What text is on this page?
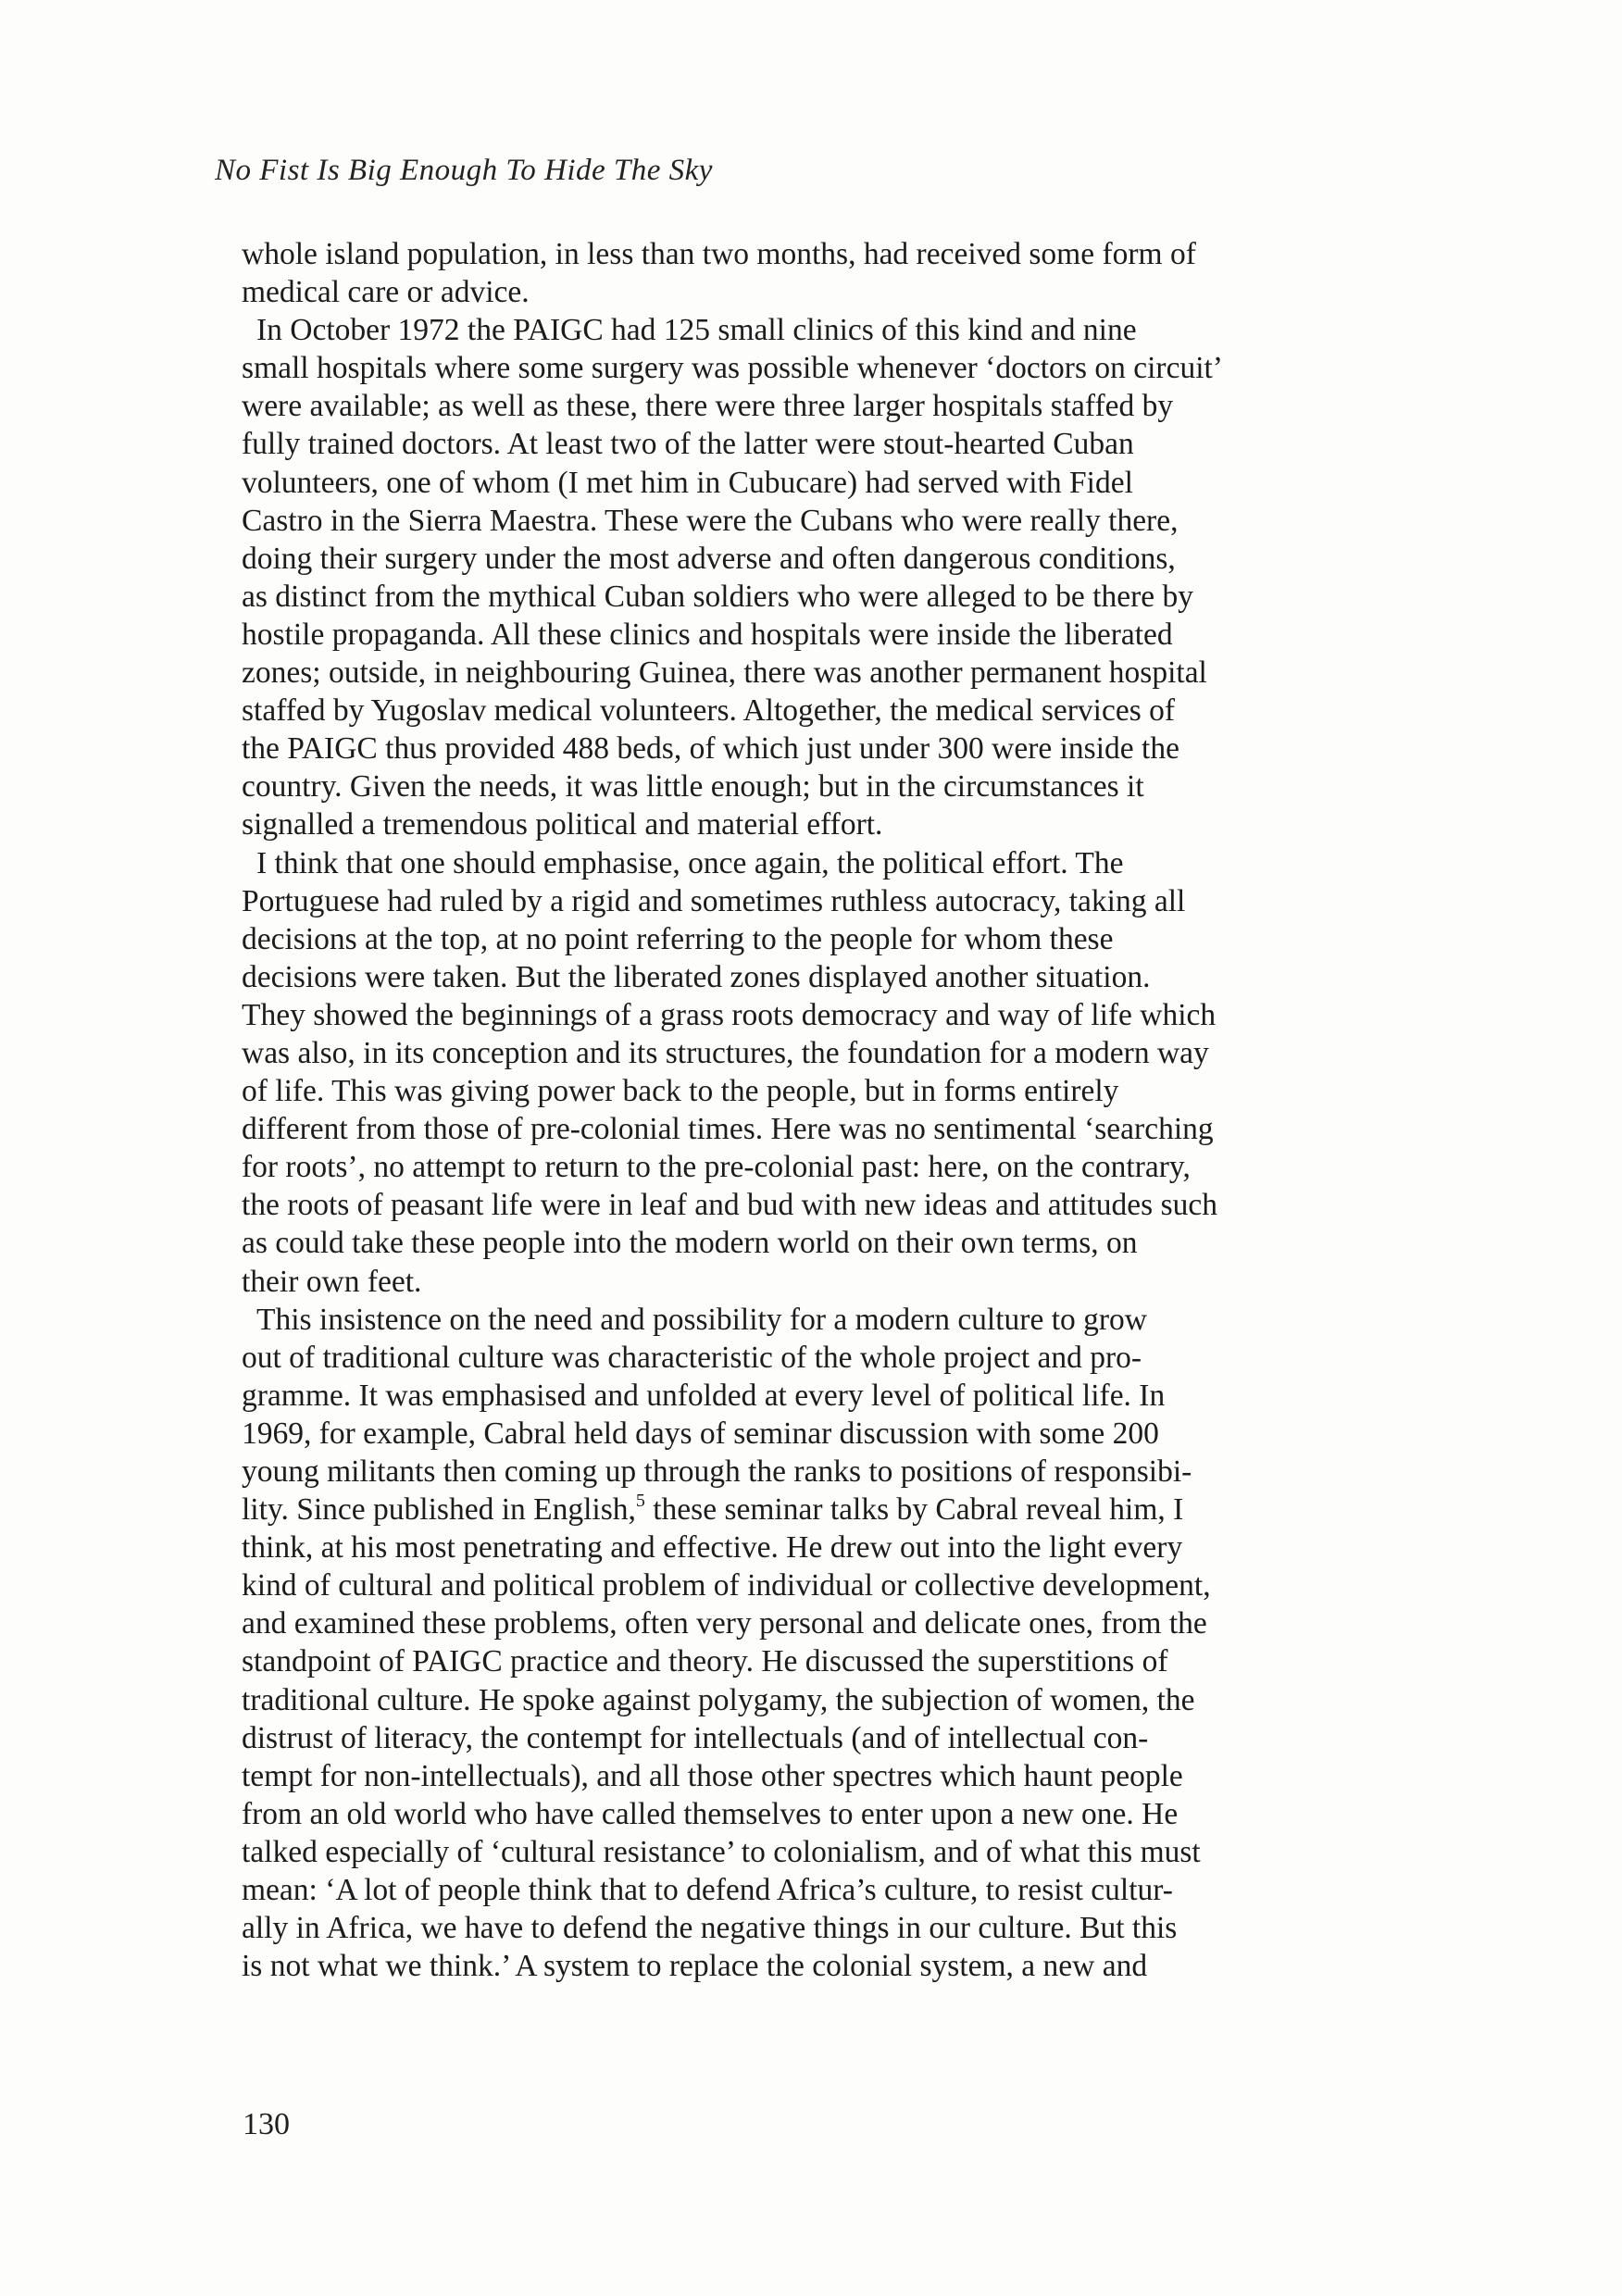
No Fist Is Big Enough To Hide The Sky
whole island population, in less than two months, had received some form of
medical care or advice.
In October 1972 the PAIGC had 125 small clinics of this kind and nine
small hospitals where some surgery was possible whenever ‘doctors on circuit’
were available; as well as these, there were three larger hospitals staffed by
fully trained doctors. At least two of the latter were stout-hearted Cuban
volunteers, one of whom (I met him in Cubucare) had served with Fidel
Castro in the Sierra Maestra. These were the Cubans who were really there,
doing their surgery under the most adverse and often dangerous conditions,
as distinct from the mythical Cuban soldiers who were alleged to be there by
hostile propaganda. All these clinics and hospitals were inside the liberated
zones; outside, in neighbouring Guinea, there was another permanent hospital
staffed by Yugoslav medical volunteers. Altogether, the medical services of
the PAIGC thus provided 488 beds, of which just under 300 were inside the
country. Given the needs, it was little enough; but in the circumstances it
signalled a tremendous political and material effort.
I think that one should emphasise, once again, the political effort. The
Portuguese had ruled by a rigid and sometimes ruthless autocracy, taking all
decisions at the top, at no point referring to the people for whom these
decisions were taken. But the liberated zones displayed another situation.
They showed the beginnings of a grass roots democracy and way of life which
was also, in its conception and its structures, the foundation for a modern way
of life. This was giving power back to the people, but in forms entirely
different from those of pre-colonial times. Here was no sentimental ‘searching
for roots’, no attempt to return to the pre-colonial past: here, on the contrary,
the roots of peasant life were in leaf and bud with new ideas and attitudes such
as could take these people into the modern world on their own terms, on
their own feet.
This insistence on the need and possibility for a modern culture to grow
out of traditional culture was characteristic of the whole project and pro-
gramme. It was emphasised and unfolded at every level of political life. In
1969, for example, Cabral held days of seminar discussion with some 200
young militants then coming up through the ranks to positions of responsibi-
lity. Since published in English,$^5$ these seminar talks by Cabral reveal him, I
think, at his most penetrating and effective. He drew out into the light every
kind of cultural and political problem of individual or collective development,
and examined these problems, often very personal and delicate ones, from the
standpoint of PAIGC practice and theory. He discussed the superstitions of
traditional culture. He spoke against polygamy, the subjection of women, the
distrust of literacy, the contempt for intellectuals (and of intellectual con-
tempt for non-intellectuals), and all those other spectres which haunt people
from an old world who have called themselves to enter upon a new one. He
talked especially of ‘cultural resistance’ to colonialism, and of what this must
mean: ‘A lot of people think that to defend Africa’s culture, to resist cultur-
ally in Africa, we have to defend the negative things in our culture. But this
is not what we think.’ A system to replace the colonial system, a new and
130
